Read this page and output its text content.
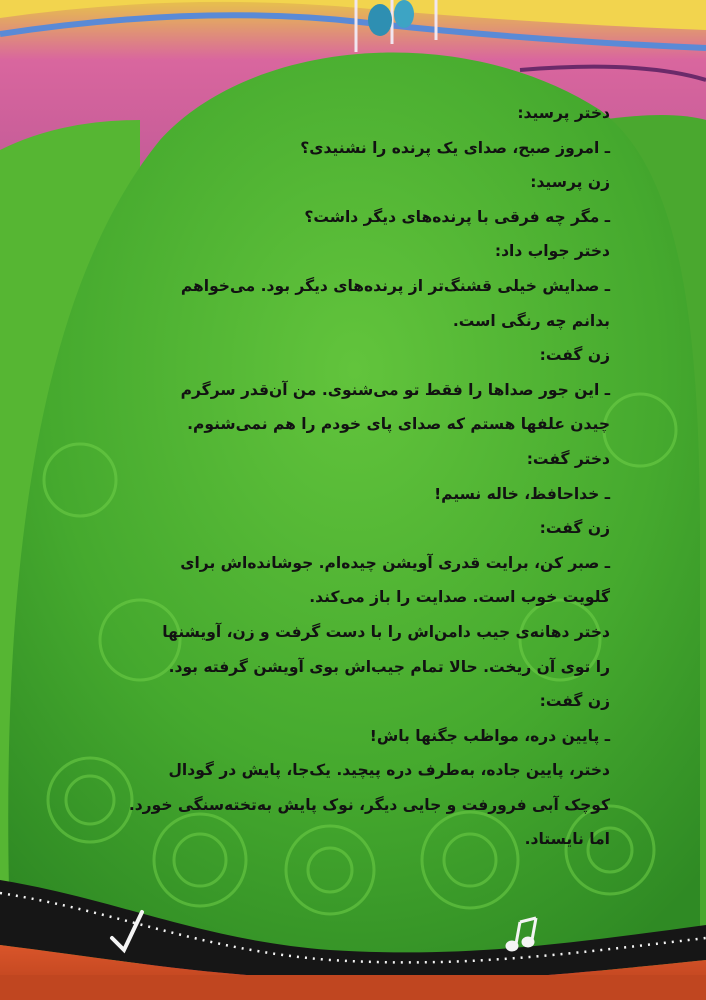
دختر پرسید:

ـ امروز صبح، صدای یک پرنده را نشنیدی؟

زن پرسید:

ـ مگر چه فرقی با پرنده‌های دیگر داشت؟

دختر جواب داد:

ـ صدایش خیلی قشنگ‌تر از پرنده‌های دیگر بود. می‌خواهم

بدانم چه رنگی است.

زن گفت:

ـ این جور صداها را فقط تو می‌شنوی. من آن‌قدر سرگرم

چیدن علفها هستم که صدای پای خودم را هم نمی‌شنوم.

دختر گفت:

ـ خداحافظ، خاله نسیم!

زن گفت:

ـ صبر کن، برایت قدری آویشن چیده‌ام. جوشانده‌اش برای

گلویت خوب است. صدایت را باز می‌کند.

دختر دهانه‌ی جیب دامن‌اش را با دست گرفت و زن، آویشنها

را توی آن ریخت. حالا تمام جیب‌اش بوی آویشن گرفته بود.

زن گفت:

ـ پایین دره، مواظب جگنها باش!

دختر، پایین جاده، به‌طرف دره پیچید. یک‌جا، پایش در گودال

کوچک آبی فرورفت و جایی دیگر، نوک پایش به‌تخته‌سنگی خورد.

اما نایستاد.
